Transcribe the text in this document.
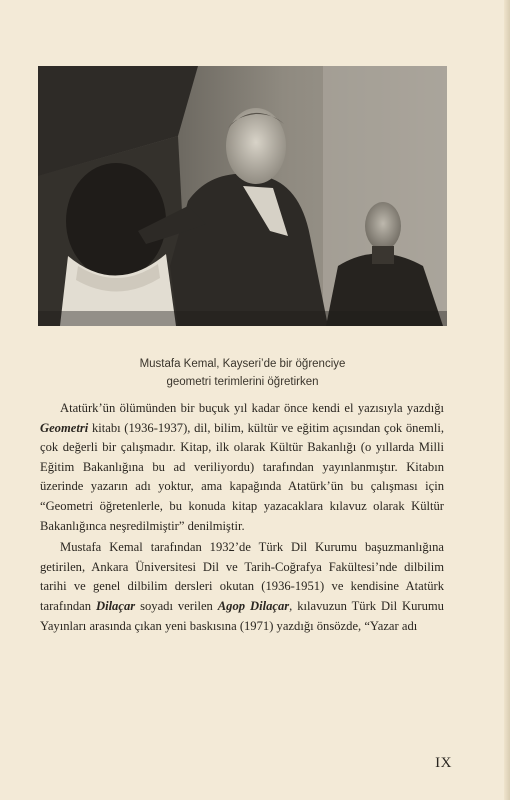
Mustafa Kemal, Kayseri’de bir öğrenciye
geometri terimlerini öğretirken

Atatürk’ün ölümünden bir buçuk yıl kadar önce kendi el yazısıyla yazdığı Geometri kitabı (1936-1937), dil, bilim, kültür ve eğitim açısından çok önemli, çok değerli bir çalışmadır. Kitap, ilk olarak Kültür Bakanlığı (o yıllarda Milli Eğitim Bakanlığına bu ad veriliyordu) tarafından yayınlanmıştır. Kitabın üzerinde yazarın adı yoktur, ama kapağında Atatürk’ün bu çalışması için “Geometri öğretenlerle, bu konuda kitap yazacaklara kılavuz olarak Kültür Bakanlığınca neşredilmiştir” denilmiştir.

Mustafa Kemal tarafından 1932’de Türk Dil Kurumu başuzmanlığına getirilen, Ankara Üniversitesi Dil ve Tarih-Coğrafya Fakültesi’nde dilbilim tarihi ve genel dilbilim dersleri okutan (1936-1951) ve kendisine Atatürk tarafından Dilaçar soyadı verilen Agop Dilaçar, kılavuzun Türk Dil Kurumu Yayınları arasında çıkan yeni baskısına (1971) yazdığı önsözde, “Yazar adı

IX
